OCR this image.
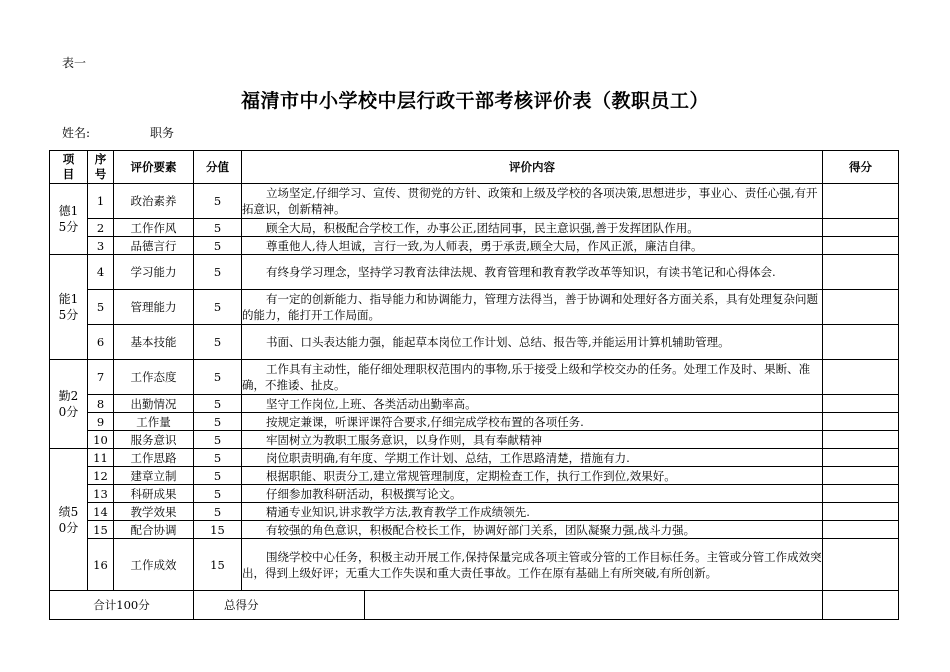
表一
福清市中小学校中层行政干部考核评价表（教职员工）
姓名:	职务
项目	序号	评价要素	分值	评价内容	得分
德15分	1	政治素养	5	立场坚定,仔细学习、宣传、贯彻党的方针、政策和上级及学校的各项决策,思想进步，事业心、责任心强,有开拓意识，创新精神。	
2	工作作风	5	顾全大局，积极配合学校工作，办事公正,团结同事，民主意识强,善于发挥团队作用。	
3	品德言行	5	尊重他人,待人坦诚，言行一致,为人师表，勇于承责,顾全大局，作风正派，廉洁自律。	
能15分	4	学习能力	5	有终身学习理念，坚持学习教育法律法规、教育管理和教育教学改革等知识，有读书笔记和心得体会.	
5	管理能力	5	有一定的创新能力、指导能力和协调能力，管理方法得当，善于协调和处理好各方面关系，具有处理复杂问题的能力，能打开工作局面。	
6	基本技能	5	书面、口头表达能力强，能起草本岗位工作计划、总结、报告等,并能运用计算机辅助管理。	
勤20分	7	工作态度	5	工作具有主动性，能仔细处理职权范围内的事物,乐于接受上级和学校交办的任务。处理工作及时、果断、准确，不推诿、扯皮。	
8	出勤情况	5	坚守工作岗位,上班、各类活动出勤率高。	
9	工作量	5	按规定兼课，听课评课符合要求,仔细完成学校布置的各项任务.	
10	服务意识	5	牢固树立为教职工服务意识，以身作则，具有奉献精神	
绩50分	11	工作思路	5	岗位职责明确,有年度、学期工作计划、总结，工作思路清楚，措施有力.	
12	建章立制	5	根据职能、职责分工,建立常规管理制度，定期检查工作，执行工作到位,效果好。	
13	科研成果	5	仔细参加教科研活动，积极撰写论文。	
14	教学效果	5	精通专业知识,讲求教学方法,教育教学工作成绩领先.	
15	配合协调	15	有较强的角色意识，积极配合校长工作，协调好部门关系，团队凝聚力强,战斗力强。	
16	工作成效	15	围绕学校中心任务，积极主动开展工作,保持保量完成各项主管或分管的工作目标任务。主管或分管工作成效突出，得到上级好评；无重大工作失误和重大责任事故。工作在原有基础上有所突破,有所创新。	
合计100分		总得分	
